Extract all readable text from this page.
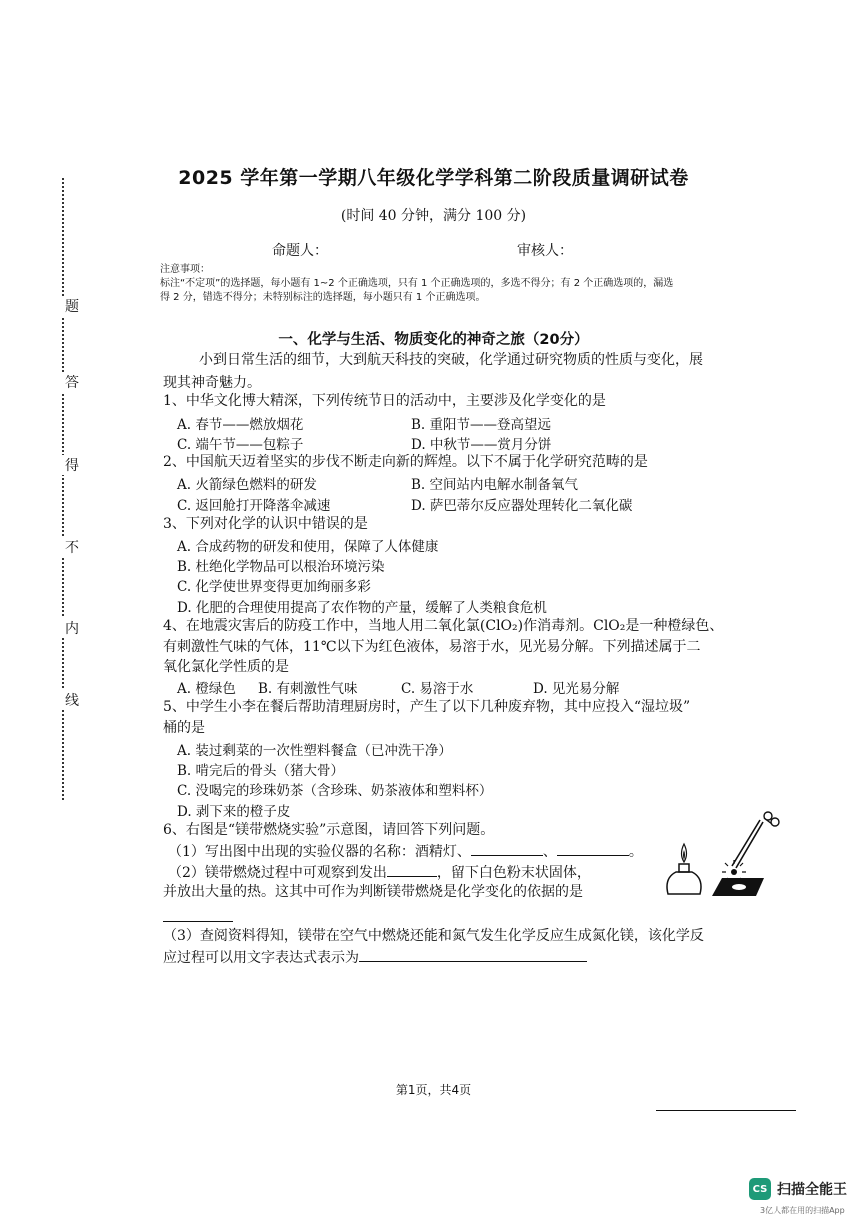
2025 学年第一学期八年级化学学科第二阶段质量调研试卷
(时间 40 分钟，满分 100 分)
命题人：	审核人：
注意事项：
标注“不定项”的选择题，每小题有 1~2 个正确选项，只有 1 个正确选项的，多选不得分；有 2 个正确选项的，漏选
得 2 分，错选不得分；未特别标注的选择题，每小题只有 1 个正确选项。
题
答
得
不
内
线
一、化学与生活、物质变化的神奇之旅（20分）
小到日常生活的细节，大到航天科技的突破，化学通过研究物质的性质与变化，展
现其神奇魅力。
1、中华文化博大精深，下列传统节日的活动中，主要涉及化学变化的是
A. 春节——燃放烟花	B. 重阳节——登高望远
C. 端午节——包粽子	D. 中秋节——赏月分饼
2、中国航天迈着坚实的步伐不断走向新的辉煌。以下不属于化学研究范畴的是
A. 火箭绿色燃料的研发	B. 空间站内电解水制备氧气
C. 返回舱打开降落伞减速	D. 萨巴蒂尔反应器处理转化二氧化碳
3、下列对化学的认识中错误的是
A. 合成药物的研发和使用，保障了人体健康
B. 杜绝化学物品可以根治环境污染
C. 化学使世界变得更加绚丽多彩
D. 化肥的合理使用提高了农作物的产量，缓解了人类粮食危机
4、在地震灾害后的防疫工作中，当地人用二氧化氯(ClO₂)作消毒剂。ClO₂是一种橙绿色、
有刺激性气味的气体，11℃以下为红色液体，易溶于水，见光易分解。下列描述属于二
氧化氯化学性质的是
A. 橙绿色 B. 有刺激性气味	C. 易溶于水	D. 见光易分解
5、中学生小李在餐后帮助清理厨房时，产生了以下几种废弃物，其中应投入“湿垃圾”
桶的是
A. 装过剩菜的一次性塑料餐盒（已冲洗干净）
B. 啃完后的骨头（猪大骨）
C. 没喝完的珍珠奶茶（含珍珠、奶茶液体和塑料杯）
D. 剥下来的橙子皮
6、右图是“镁带燃烧实验”示意图，请回答下列问题。
（1）写出图中出现的实验仪器的名称：酒精灯、	、	。
（2）镁带燃烧过程中可观察到发出	，留下白色粉末状固体，
并放出大量的热。这其中可作为判断镁带燃烧是化学变化的依据的是
（3）查阅资料得知，镁带在空气中燃烧还能和氮气发生化学反应生成氮化镁，该化学反
应过程可以用文字表达式表示为
第1页，共4页
CS 扫描全能王
3亿人都在用的扫描App
